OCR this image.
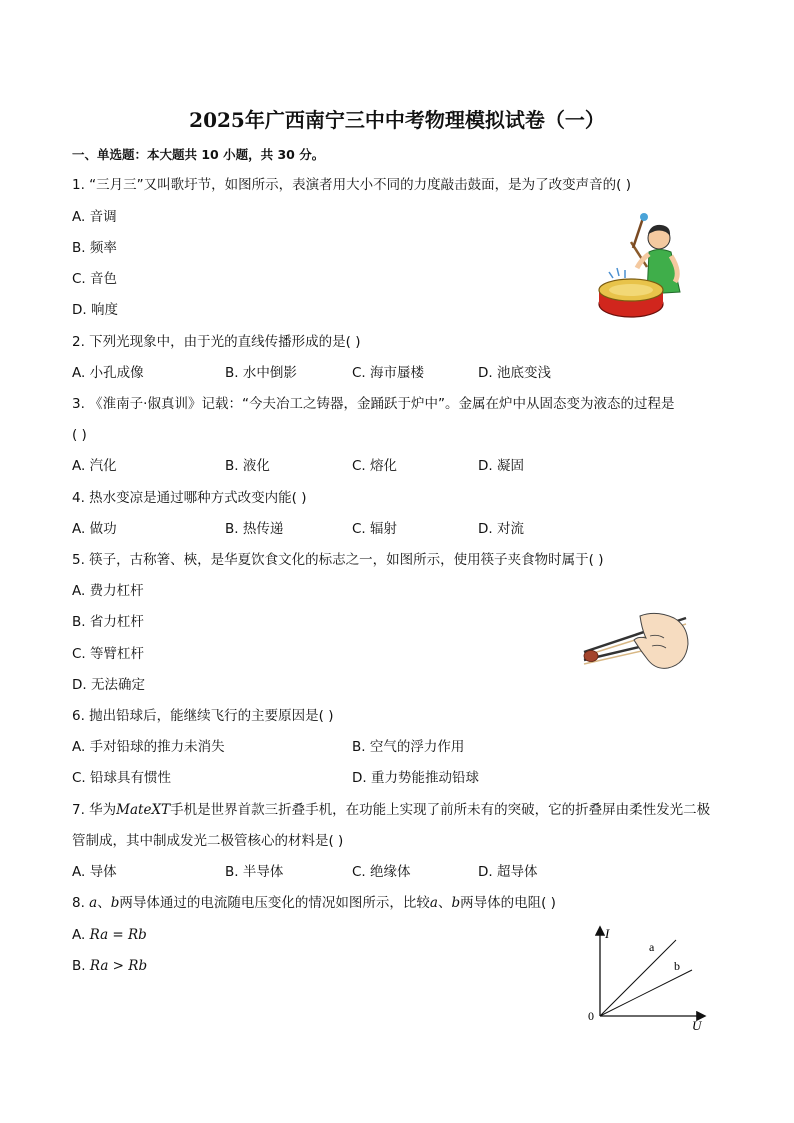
2025年广西南宁三中中考物理模拟试卷（一）
一、单选题：本大题共 10 小题，共 30 分。
1. “三月三”又叫歌圩节，如图所示，表演者用大小不同的力度敲击鼓面，是为了改变声音的( )
A. 音调
B. 频率
C. 音色
D. 响度
2. 下列光现象中，由于光的直线传播形成的是( )
A. 小孔成像	B. 水中倒影	C. 海市蜃楼	D. 池底变浅
3. 《淮南子·俶真训》记载：“今夫冶工之铸器，金踊跃于炉中”。金属在炉中从固态变为液态的过程是
( )
A. 汽化	B. 液化	C. 熔化	D. 凝固
4. 热水变凉是通过哪种方式改变内能( )
A. 做功	B. 热传递	C. 辐射	D. 对流
5. 筷子，古称箸、梜，是华夏饮食文化的标志之一，如图所示，使用筷子夹食物时属于( )
A. 费力杠杆
B. 省力杠杆
C. 等臂杠杆
D. 无法确定
6. 抛出铅球后，能继续飞行的主要原因是( )
A. 手对铅球的推力未消失	B. 空气的浮力作用
C. 铅球具有惯性	D. 重力势能推动铅球
7. 华为MateXT手机是世界首款三折叠手机，在功能上实现了前所未有的突破，它的折叠屏由柔性发光二极
管制成，其中制成发光二极管核心的材料是( )
A. 导体	B. 半导体	C. 绝缘体	D. 超导体
8. a、b两导体通过的电流随电压变化的情况如图所示，比较a、b两导体的电阻( )
A. Ra = Rb
B. Ra > Rb
I
U
0
a
b
